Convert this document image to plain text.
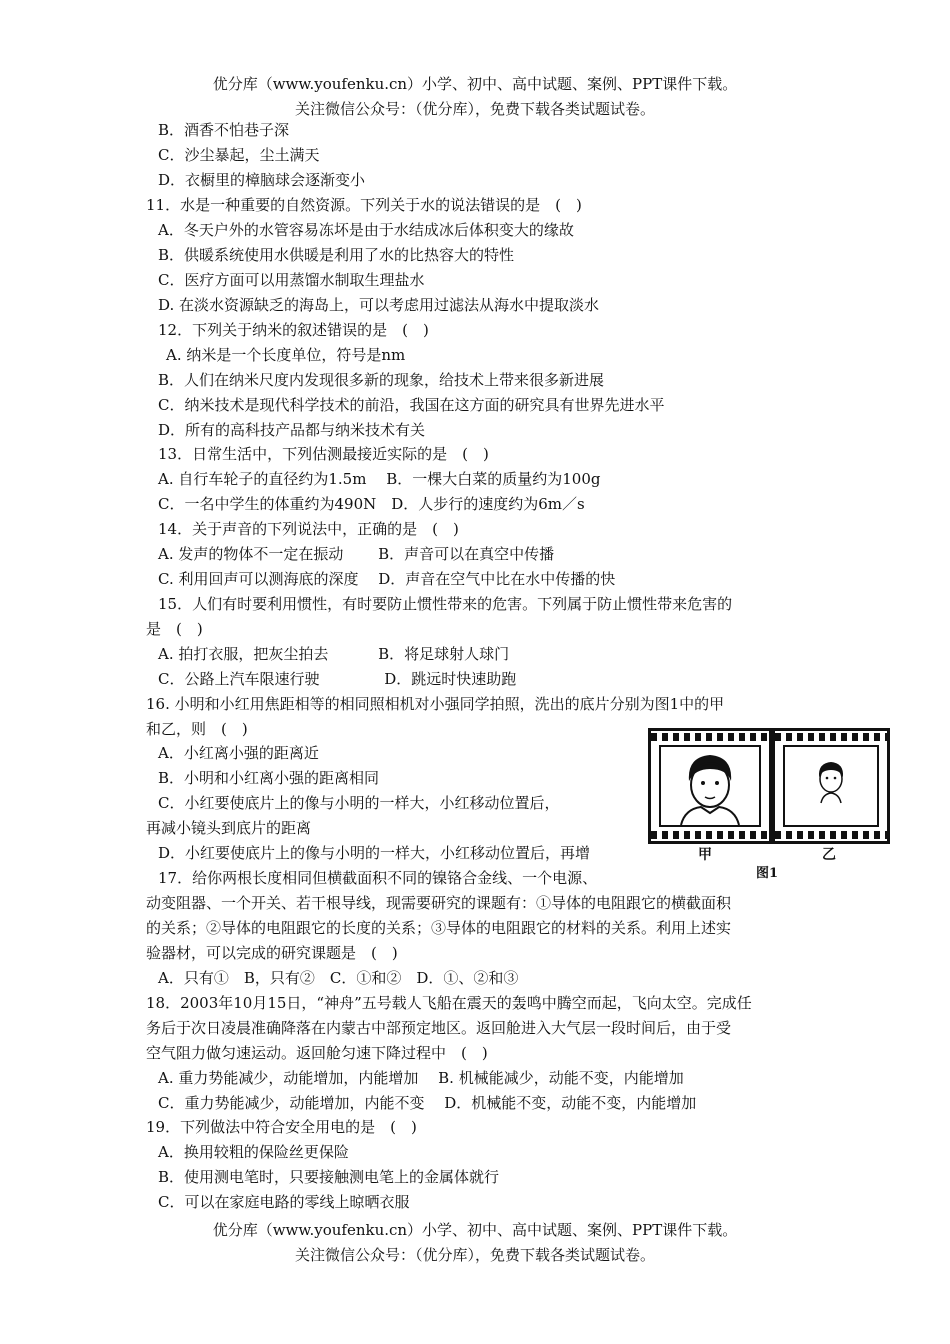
优分库（www.youfenku.cn）小学、初中、高中试题、案例、PPT课件下载。
关注微信公众号：（优分库），免费下载各类试题试卷。
B．酒香不怕巷子深
C．沙尘暴起，尘土满天
D．衣橱里的樟脑球会逐渐变小
11．水是一种重要的自然资源。下列关于水的说法错误的是　(　)
A．冬天户外的水管容易冻坏是由于水结成冰后体积变大的缘故
B．供暖系统使用水供暖是利用了水的比热容大的特性
C．医疗方面可以用蒸馏水制取生理盐水
D. 在淡水资源缺乏的海岛上，可以考虑用过滤法从海水中提取淡水
12．下列关于纳米的叙述错误的是　(　)
A. 纳米是一个长度单位，符号是nm
B．人们在纳米尺度内发现很多新的现象，给技术上带来很多新进展
C．纳米技术是现代科学技术的前沿，我国在这方面的研究具有世界先进水平
D．所有的高科技产品都与纳米技术有关
13．日常生活中，下列估测最接近实际的是　(　)
A. 自行车轮子的直径约为1.5m　 B．一棵大白菜的质量约为100g
C．一名中学生的体重约为490N　D．人步行的速度约为6m／s
14．关于声音的下列说法中，正确的是　(　)
A. 发声的物体不一定在振动　　 B．声音可以在真空中传播
C. 利用回声可以测海底的深度　 D．声音在空气中比在水中传播的快
15．人们有时要利用惯性，有时要防止惯性带来的危害。下列属于防止惯性带来危害的
是　(　)
A. 拍打衣服，把灰尘拍去　　　 B．将足球射人球门
C．公路上汽车限速行驶　　　　 D．跳远时快速助跑
16. 小明和小红用焦距相等的相同照相机对小强同学拍照，洗出的底片分别为图1中的甲
和乙，则　(　)
A．小红离小强的距离近
B．小明和小红离小强的距离相同
C．小红要使底片上的像与小明的一样大，小红移动位置后，
再减小镜头到底片的距离
D．小红要使底片上的像与小明的一样大，小红移动位置后，再增
17．给你两根长度相同但横截面积不同的镍铬合金线、一个电源、
动变阻器、一个开关、若干根导线，现需要研究的课题有：①导体的电阻跟它的横截面积
的关系；②导体的电阻跟它的长度的关系；③导体的电阻跟它的材料的关系。利用上述实
验器材，可以完成的研究课题是　(　)
A．只有①　B，只有②　C．①和②　D．①、②和③
18．2003年10月15日，“神舟”五号载人飞船在震天的轰鸣中腾空而起，飞向太空。完成任
务后于次日凌晨准确降落在内蒙古中部预定地区。返回舱进入大气层一段时间后，由于受
空气阻力做匀速运动。返回舱匀速下降过程中　(　)
A. 重力势能减少，动能增加，内能增加　 B. 机械能减少，动能不变，内能增加
C．重力势能减少，动能增加，内能不变　 D．机械能不变，动能不变，内能增加
19．下列做法中符合安全用电的是　(　)
A．换用较粗的保险丝更保险
B．使用测电笔时，只要接触测电笔上的金属体就行
C．可以在家庭电路的零线上晾晒衣服
甲	乙
图1
优分库（www.youfenku.cn）小学、初中、高中试题、案例、PPT课件下载。
关注微信公众号：（优分库），免费下载各类试题试卷。
